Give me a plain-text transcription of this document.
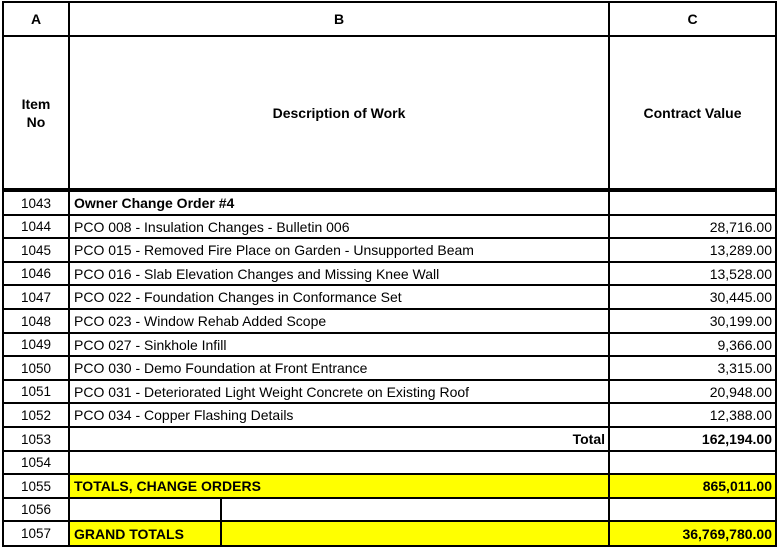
A	B	C
Item
No
Description of Work	Contract Value
1043	Owner Change Order #4
1044	PCO 008 - Insulation Changes - Bulletin 006	28,716.00
1045	PCO 015 - Removed Fire Place on Garden - Unsupported Beam	13,289.00
1046	PCO 016 - Slab Elevation Changes and Missing Knee Wall	13,528.00
1047	PCO 022 - Foundation Changes in Conformance Set	30,445.00
1048	PCO 023 - Window Rehab Added Scope	30,199.00
1049	PCO 027 - Sinkhole Infill	9,366.00
1050	PCO 030 - Demo Foundation at Front Entrance	3,315.00
1051	PCO 031 - Deteriorated Light Weight Concrete on Existing Roof	20,948.00
1052	PCO 034 - Copper Flashing Details	12,388.00
1053	Total	162,194.00
1054
1055	TOTALS, CHANGE ORDERS	865,011.00
1056
1057	GRAND TOTALS	36,769,780.00
